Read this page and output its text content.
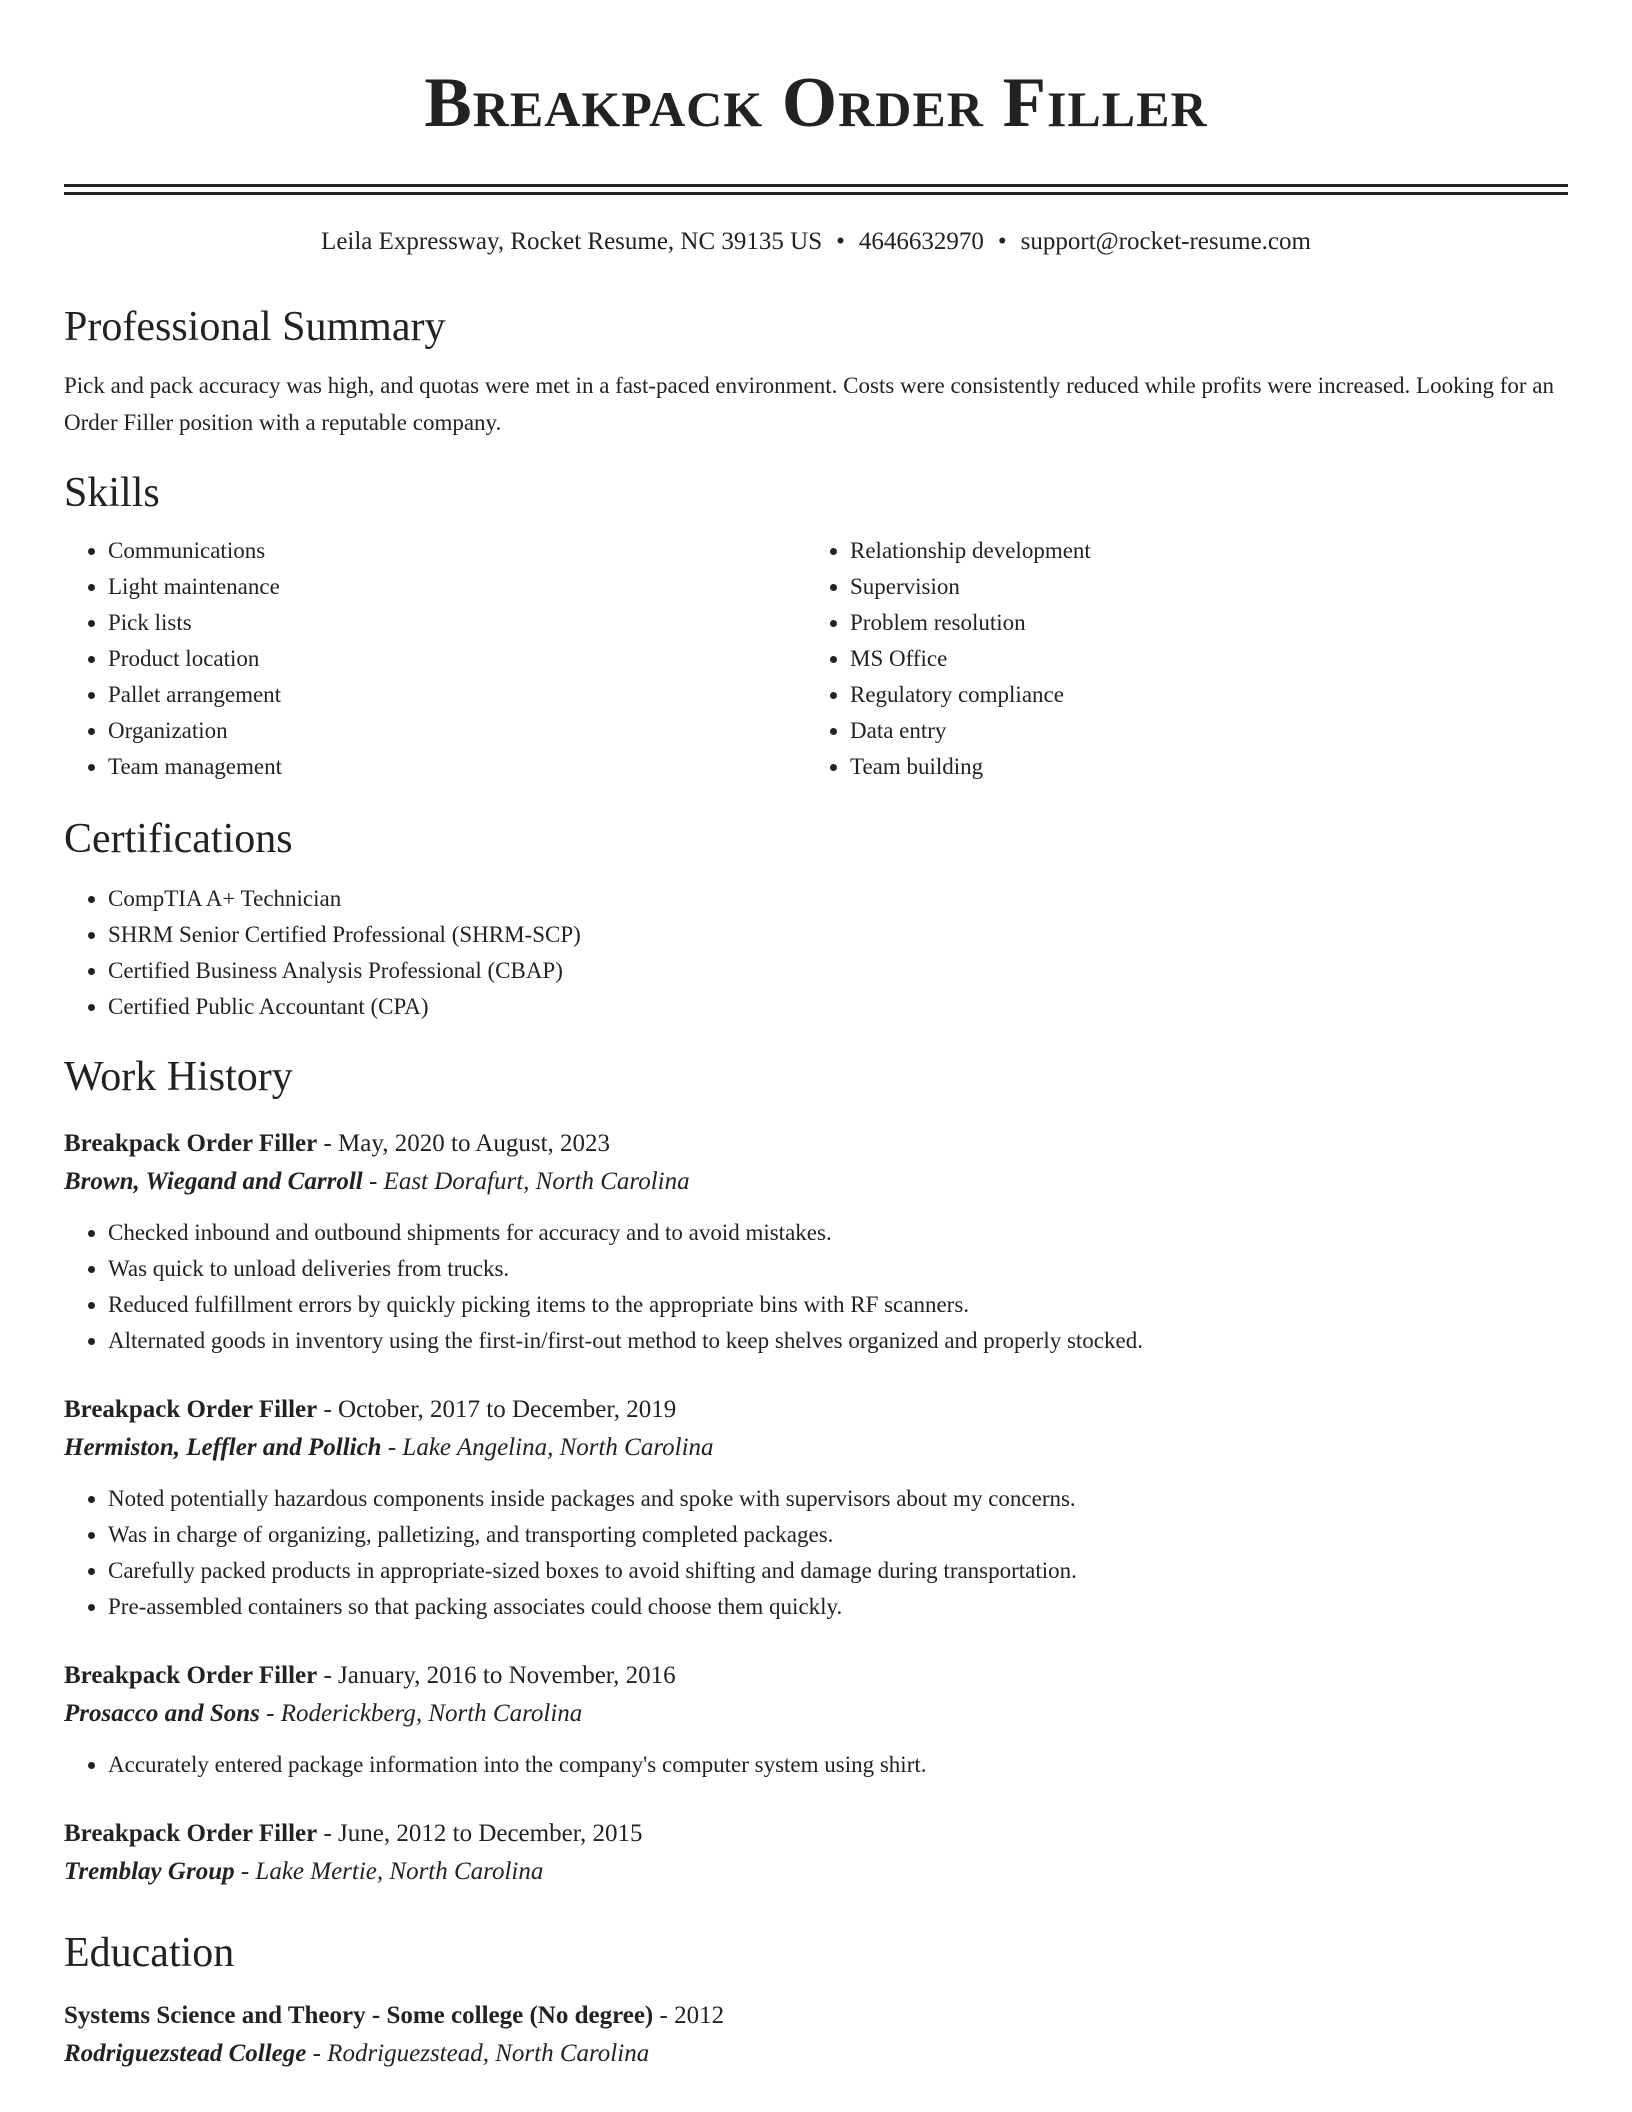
Breakpack Order Filler
Leila Expressway, Rocket Resume, NC 39135 US • 4646632970 • support@rocket-resume.com
Professional Summary

Pick and pack accuracy was high, and quotas were met in a fast-paced environment. Costs were consistently reduced while profits were increased. Looking for an Order Filler position with a reputable company.

Skills
• Communications
• Light maintenance
• Pick lists
• Product location
• Pallet arrangement
• Organization
• Team management
• Relationship development
• Supervision
• Problem resolution
• MS Office
• Regulatory compliance
• Data entry
• Team building
Certifications
• CompTIA A+ Technician
• SHRM Senior Certified Professional (SHRM-SCP)
• Certified Business Analysis Professional (CBAP)
• Certified Public Accountant (CPA)
Work History
Breakpack Order Filler - May, 2020 to August, 2023
Brown, Wiegand and Carroll - East Dorafurt, North Carolina
• Checked inbound and outbound shipments for accuracy and to avoid mistakes.
• Was quick to unload deliveries from trucks.
• Reduced fulfillment errors by quickly picking items to the appropriate bins with RF scanners.
• Alternated goods in inventory using the first-in/first-out method to keep shelves organized and properly stocked.
Breakpack Order Filler - October, 2017 to December, 2019
Hermiston, Leffler and Pollich - Lake Angelina, North Carolina
• Noted potentially hazardous components inside packages and spoke with supervisors about my concerns.
• Was in charge of organizing, palletizing, and transporting completed packages.
• Carefully packed products in appropriate-sized boxes to avoid shifting and damage during transportation.
• Pre-assembled containers so that packing associates could choose them quickly.
Breakpack Order Filler - January, 2016 to November, 2016
Prosacco and Sons - Roderickberg, North Carolina
• Accurately entered package information into the company's computer system using shirt.
Breakpack Order Filler - June, 2012 to December, 2015
Tremblay Group - Lake Mertie, North Carolina
Education
Systems Science and Theory - Some college (No degree) - 2012
Rodriguezstead College - Rodriguezstead, North Carolina
